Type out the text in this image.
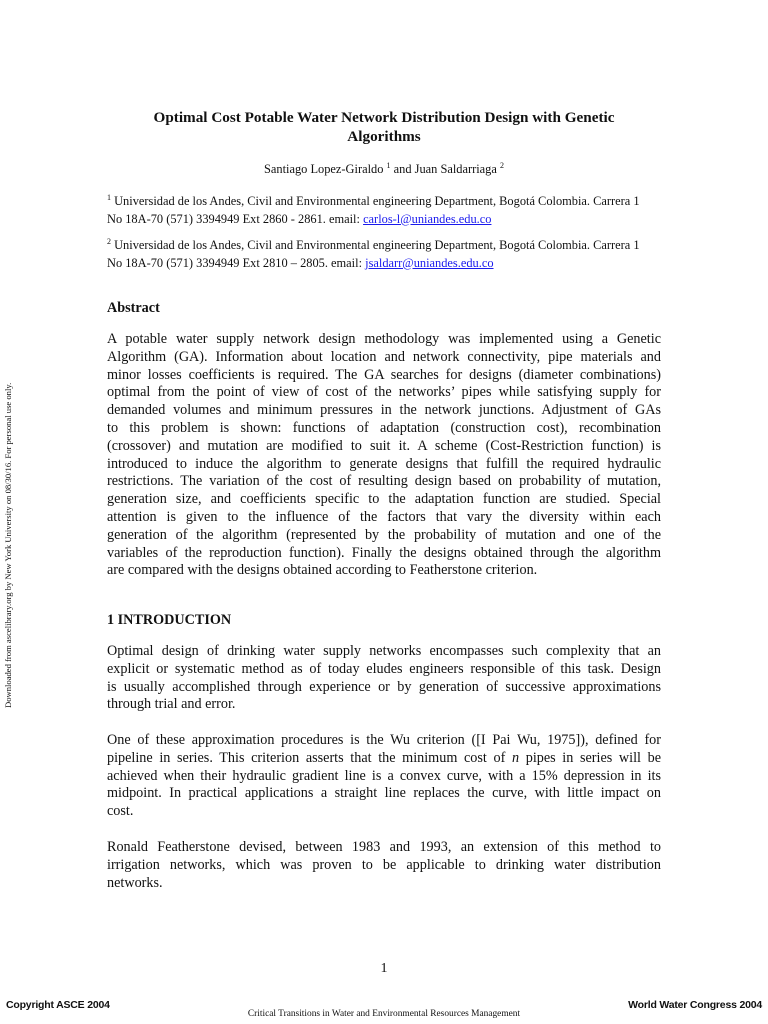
Downloaded from ascelibrary.org by New York University on 08/30/16. For personal use only.
Optimal Cost Potable Water Network Distribution Design with Genetic
Algorithms
Santiago Lopez-Giraldo $^1$ and Juan Saldarriaga $^2$

$^1$ Universidad de los Andes, Civil and Environmental engineering Department, Bogotá Colombia. Carrera 1

No 18A-70 (571) 3394949 Ext 2860 - 2861. email: carlos-l@uniandes.edu.co

$^2$ Universidad de los Andes, Civil and Environmental engineering Department, Bogotá Colombia. Carrera 1

No 18A-70 (571) 3394949 Ext 2810 – 2805. email: jsaldarr@uniandes.edu.co

Abstract
A potable water supply network design methodology was implemented using a Genetic
Algorithm (GA). Information about location and network connectivity, pipe materials and
minor losses coefficients is required. The GA searches for designs (diameter combinations)
optimal from the point of view of cost of the networks’ pipes while satisfying supply for
demanded volumes and minimum pressures in the network junctions. Adjustment of GAs
to this problem is shown: functions of adaptation (construction cost), recombination
(crossover) and mutation are modified to suit it. A scheme (Cost-Restriction function) is
introduced to induce the algorithm to generate designs that fulfill the required hydraulic
restrictions. The variation of the cost of resulting design based on probability of mutation,
generation size, and coefficients specific to the adaptation function are studied. Special
attention is given to the influence of the factors that vary the diversity within each
generation of the algorithm (represented by the probability of mutation and one of the
variables of the reproduction function). Finally the designs obtained through the algorithm
are compared with the designs obtained according to Featherstone criterion.
1 INTRODUCTION
Optimal design of drinking water supply networks encompasses such complexity that an
explicit or systematic method as of today eludes engineers responsible of this task. Design
is usually accomplished through experience or by generation of successive approximations
through trial and error.
One of these approximation procedures is the Wu criterion ([I Pai Wu, 1975]), defined for
pipeline in series. This criterion asserts that the minimum cost of n pipes in series will be
achieved when their hydraulic gradient line is a convex curve, with a 15% depression in its
midpoint. In practical applications a straight line replaces the curve, with little impact on
cost.
Ronald Featherstone devised, between 1983 and 1993, an extension of this method to
irrigation networks, which was proven to be applicable to drinking water distribution
networks.
1
Copyright ASCE 2004	World Water Congress 2004
Critical Transitions in Water and Environmental Resources Management
